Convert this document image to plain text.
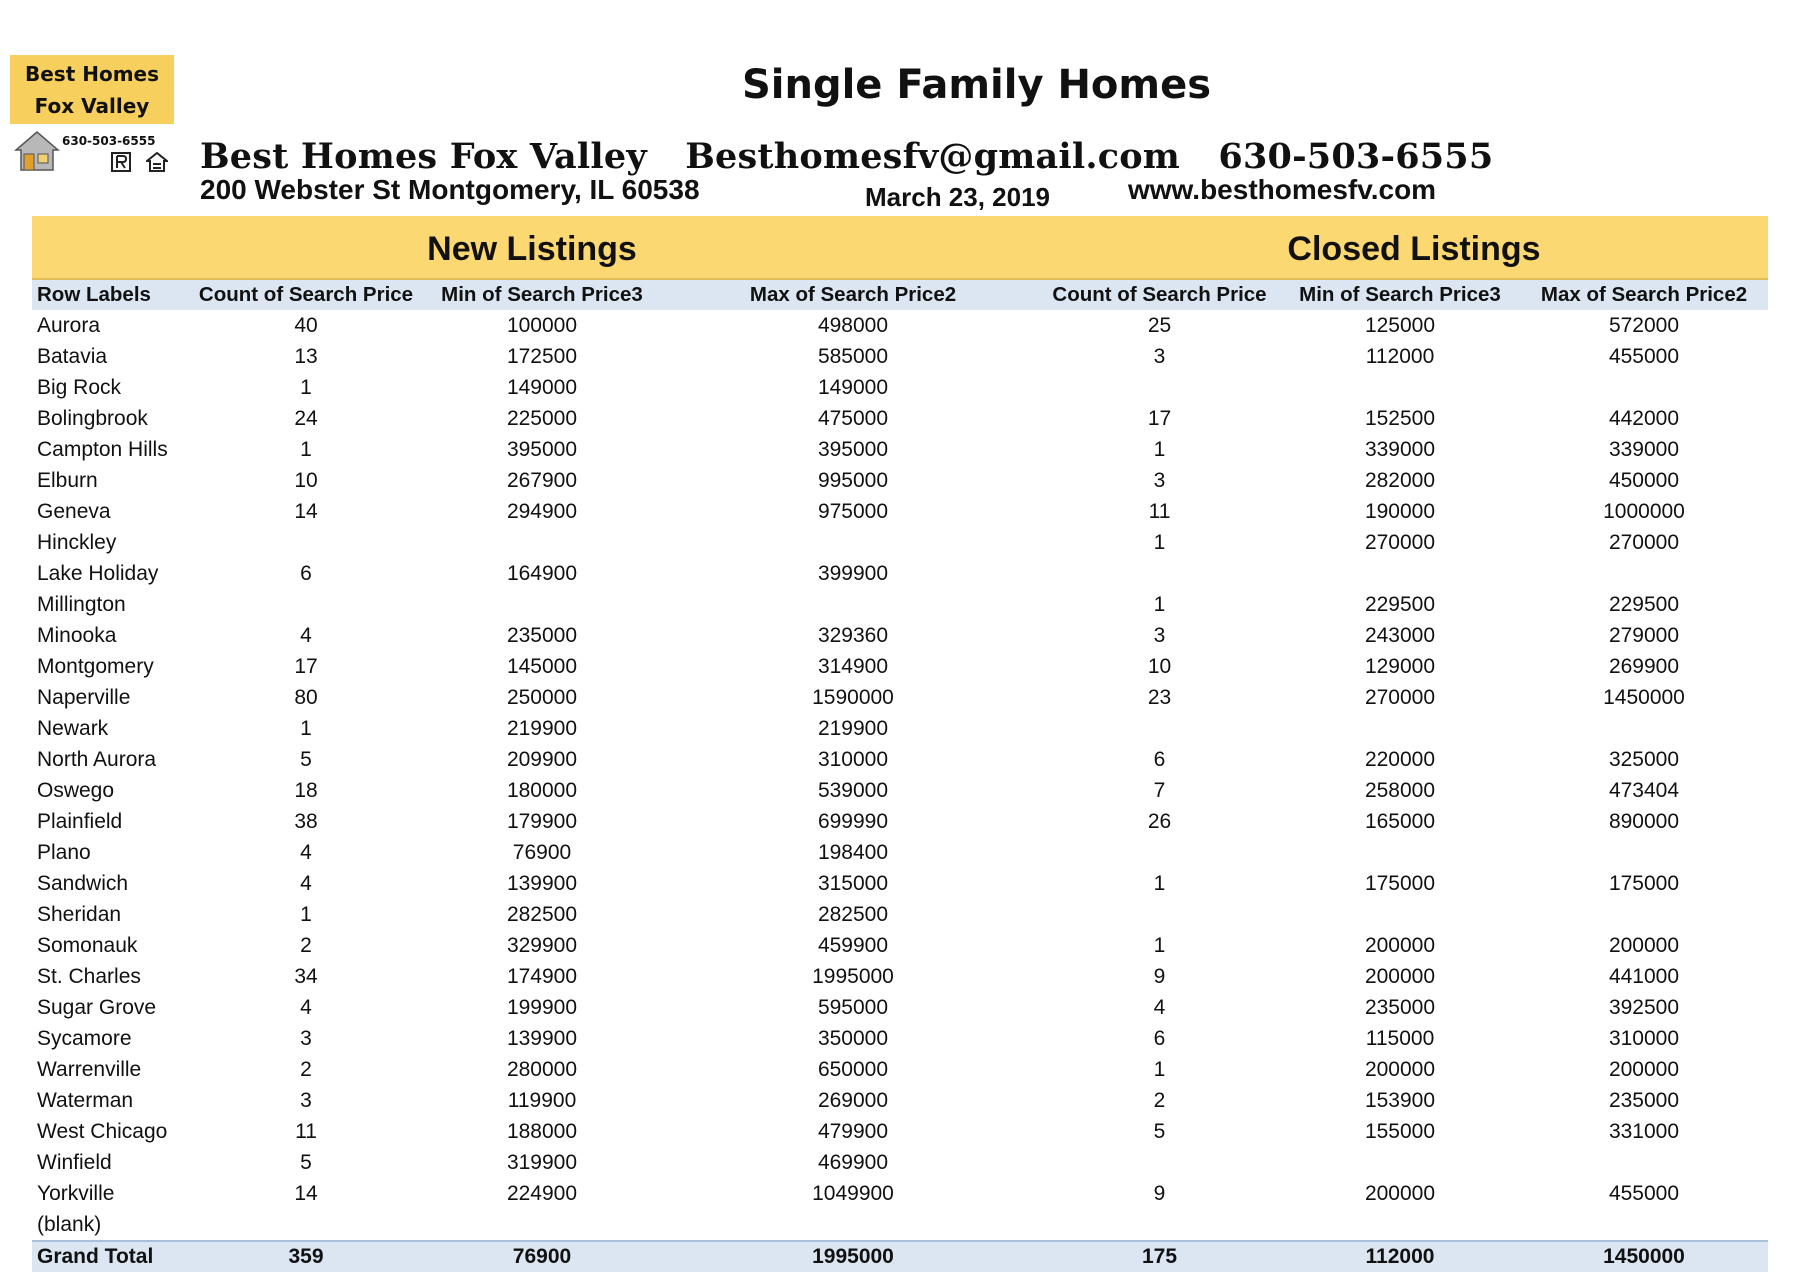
Best Homes
Fox Valley
630-503-6555
Single Family Homes
Best Homes Fox Valley Besthomesfv@gmail.com 630-503-6555
200 Webster St Montgomery, IL 60538	March 23, 2019	www.besthomesfv.com
New Listings	Closed Listings
Row Labels	Count of Search Price	Min of Search Price3	Max of Search Price2	Count of Search Price	Min of Search Price3	Max of Search Price2
Aurora	40	100000	498000	25	125000	572000
Batavia	13	172500	585000	3	112000	455000
Big Rock	1	149000	149000			
Bolingbrook	24	225000	475000	17	152500	442000
Campton Hills	1	395000	395000	1	339000	339000
Elburn	10	267900	995000	3	282000	450000
Geneva	14	294900	975000	11	190000	1000000
Hinckley				1	270000	270000
Lake Holiday	6	164900	399900			
Millington				1	229500	229500
Minooka	4	235000	329360	3	243000	279000
Montgomery	17	145000	314900	10	129000	269900
Naperville	80	250000	1590000	23	270000	1450000
Newark	1	219900	219900			
North Aurora	5	209900	310000	6	220000	325000
Oswego	18	180000	539000	7	258000	473404
Plainfield	38	179900	699990	26	165000	890000
Plano	4	76900	198400			
Sandwich	4	139900	315000	1	175000	175000
Sheridan	1	282500	282500			
Somonauk	2	329900	459900	1	200000	200000
St. Charles	34	174900	1995000	9	200000	441000
Sugar Grove	4	199900	595000	4	235000	392500
Sycamore	3	139900	350000	6	115000	310000
Warrenville	2	280000	650000	1	200000	200000
Waterman	3	119900	269000	2	153900	235000
West Chicago	11	188000	479900	5	155000	331000
Winfield	5	319900	469900			
Yorkville	14	224900	1049900	9	200000	455000
(blank)						
Grand Total	359	76900	1995000	175	112000	1450000
